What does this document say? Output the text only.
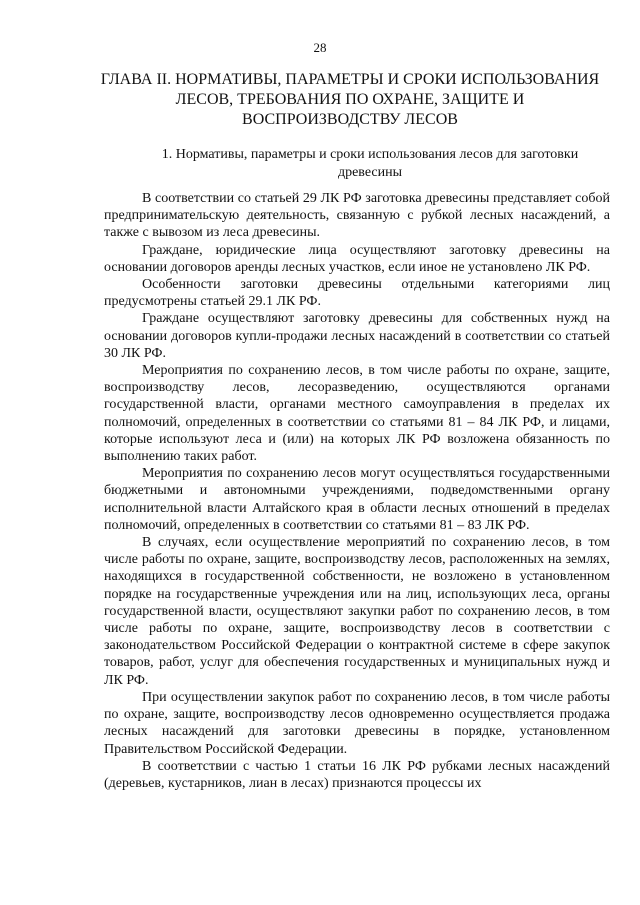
28
ГЛАВА II. НОРМАТИВЫ, ПАРАМЕТРЫ И СРОКИ ИСПОЛЬЗОВАНИЯ ЛЕСОВ, ТРЕБОВАНИЯ ПО ОХРАНЕ, ЗАЩИТЕ И ВОСПРОИЗВОДСТВУ ЛЕСОВ
1. Нормативы, параметры и сроки использования лесов для заготовки древесины

В соответствии со статьей 29 ЛК РФ заготовка древесины представляет собой предпринимательскую деятельность, связанную с рубкой лесных насаждений, а также с вывозом из леса древесины.

Граждане, юридические лица осуществляют заготовку древесины на основании договоров аренды лесных участков, если иное не установлено ЛК РФ.

Особенности заготовки древесины отдельными категориями лиц предусмотрены статьей 29.1 ЛК РФ.

Граждане осуществляют заготовку древесины для собственных нужд на основании договоров купли-продажи лесных насаждений в соответствии со статьей 30 ЛК РФ.

Мероприятия по сохранению лесов, в том числе работы по охране, защите, воспроизводству лесов, лесоразведению, осуществляются органами государственной власти, органами местного самоуправления в пределах их полномочий, определенных в соответствии со статьями 81 – 84 ЛК РФ, и лицами, которые используют леса и (или) на которых ЛК РФ возложена обязанность по выполнению таких работ.

Мероприятия по сохранению лесов могут осуществляться государственными бюджетными и автономными учреждениями, подведомственными органу исполнительной власти Алтайского края в области лесных отношений в пределах полномочий, определенных в соответствии со статьями 81 – 83 ЛК РФ.

В случаях, если осуществление мероприятий по сохранению лесов, в том числе работы по охране, защите, воспроизводству лесов, расположенных на землях, находящихся в государственной собственности, не возложено в установленном порядке на государственные учреждения или на лиц, использующих леса, органы государственной власти, осуществляют закупки работ по сохранению лесов, в том числе работы по охране, защите, воспроизводству лесов в соответствии с законодательством Российской Федерации о контрактной системе в сфере закупок товаров, работ, услуг для обеспечения государственных и муниципальных нужд и ЛК РФ.

При осуществлении закупок работ по сохранению лесов, в том числе работы по охране, защите, воспроизводству лесов одновременно осуществляется продажа лесных насаждений для заготовки древесины в порядке, установленном Правительством Российской Федерации.

В соответствии с частью 1 статьи 16 ЛК РФ рубками лесных насаждений (деревьев, кустарников, лиан в лесах) признаются процессы их
